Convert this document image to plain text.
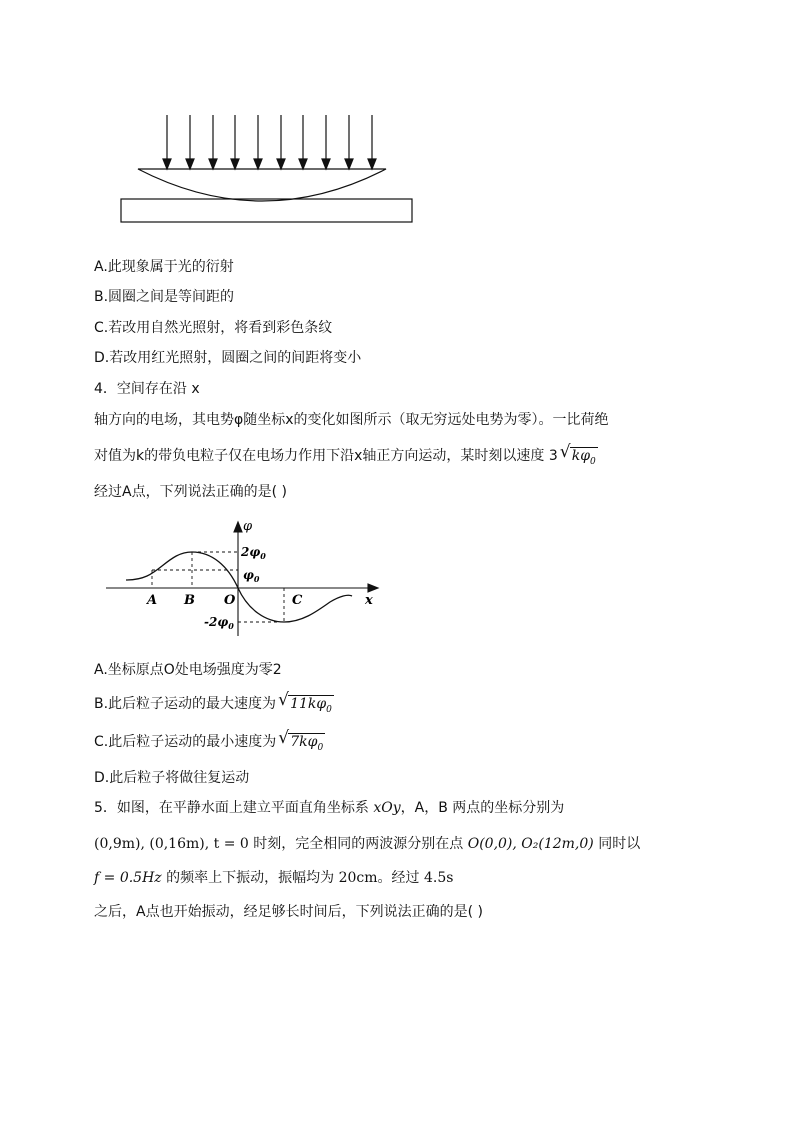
A.此现象属于光的衍射
B.圆圈之间是等间距的
C.若改用自然光照射，将看到彩色条纹
D.若改用红光照射，圆圈之间的间距将变小
4．空间存在沿 x
轴方向的电场，其电势φ随坐标x的变化如图所示（取无穷远处电势为零）。一比荷绝
对值为k的带负电粒子仅在电场力作用下沿x轴正方向运动，某时刻以速度 3 √ $k\varphi_0$
经过A点，下列说法正确的是( )
φ
x
$2\varphi_0$
$\varphi_0$
$-2\varphi_0$
A B O	C
A.坐标原点O处电场强度为零2
B.此后粒子运动的最大速度为 √ $11k\varphi_0$
C.此后粒子运动的最小速度为 √ $7k\varphi_0$
D.此后粒子将做往复运动
5．如图，在平静水面上建立平面直角坐标系 xOy，A，B 两点的坐标分别为
(0,9m), (0,16m), t = 0 时刻，完全相同的两波源分别在点 O(0,0), O₂(12m,0) 同时以
f = 0.5Hz 的频率上下振动，振幅均为 20cm。经过 4.5s
之后，A点也开始振动，经足够长时间后，下列说法正确的是( )
